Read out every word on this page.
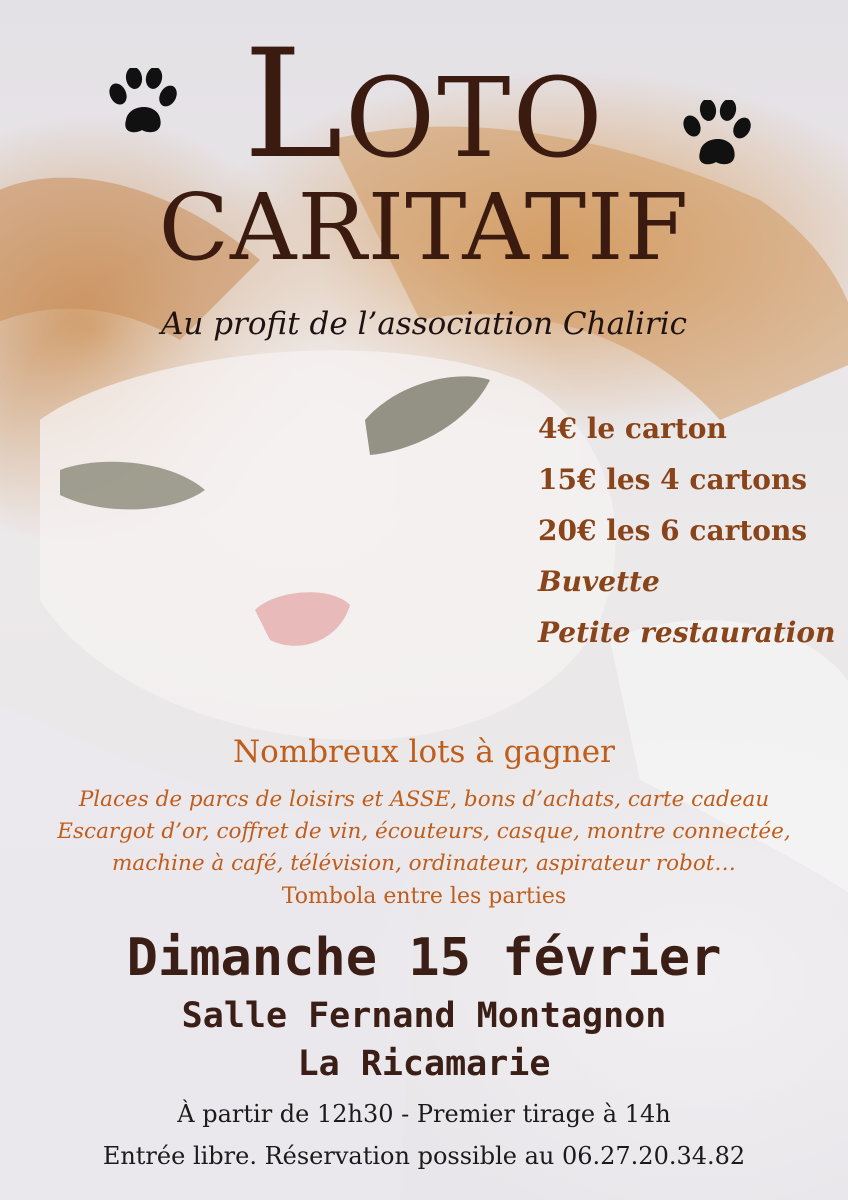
LOTO
CARITATIF
Au profit de l’association Chaliric
4€ le carton
15€ les 4 cartons
20€ les 6 cartons
Buvette
Petite restauration
Nombreux lots à gagner
Places de parcs de loisirs et ASSE, bons d’achats, carte cadeau
Escargot d’or, coffret de vin, écouteurs, casque, montre connectée,
machine à café, télévision, ordinateur, aspirateur robot…
Tombola entre les parties
Dimanche 15 février
Salle Fernand Montagnon
La Ricamarie
À partir de 12h30 - Premier tirage à 14h
Entrée libre. Réservation possible au 06.27.20.34.82
